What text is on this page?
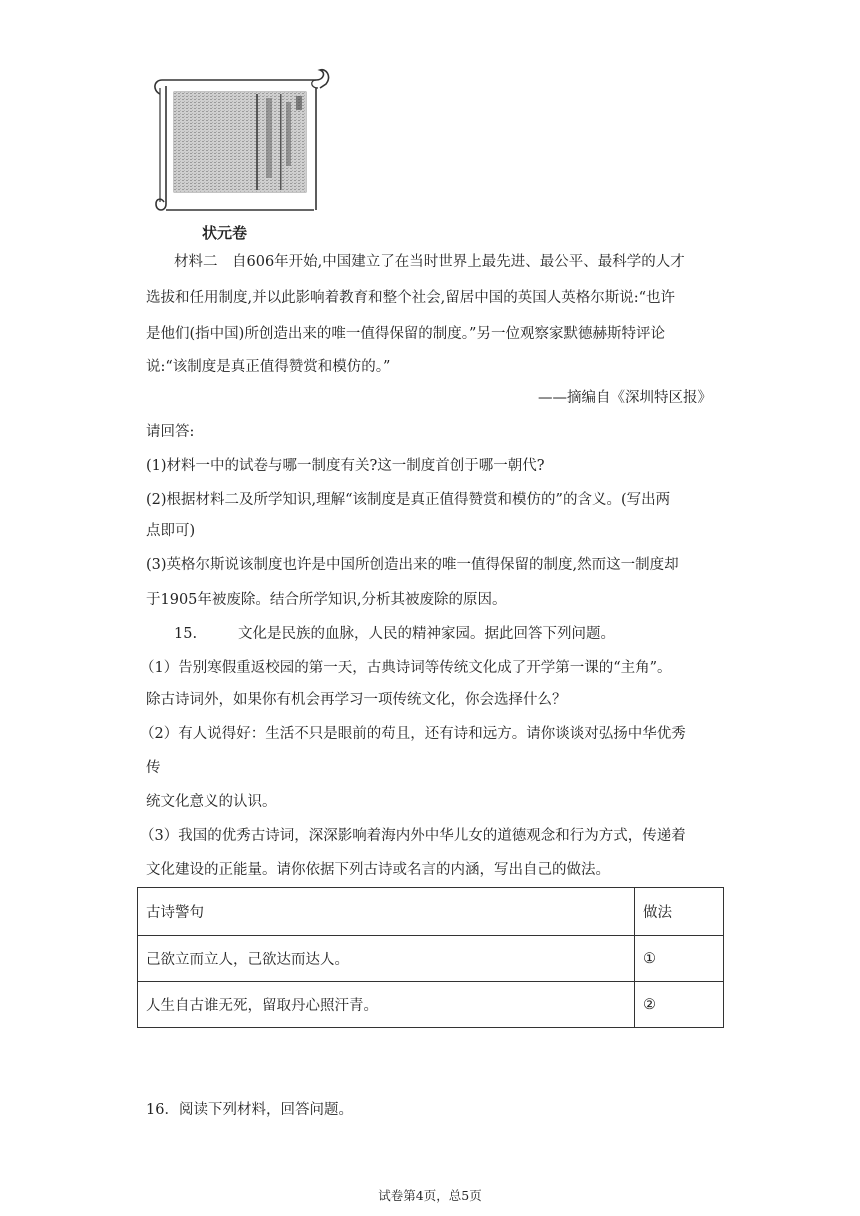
状元卷
材料二　自606年开始,中国建立了在当时世界上最先进、最公平、最科学的人才
选拔和任用制度,并以此影响着教育和整个社会,留居中国的英国人英格尔斯说:“也许
是他们(指中国)所创造出来的唯一值得保留的制度。”另一位观察家默德赫斯特评论
说:“该制度是真正值得赞赏和模仿的。”
——摘编自《深圳特区报》
请回答:
(1)材料一中的试卷与哪一制度有关?这一制度首创于哪一朝代?
(2)根据材料二及所学知识,理解“该制度是真正值得赞赏和模仿的”的含义。(写出两
点即可)
(3)英格尔斯说该制度也许是中国所创造出来的唯一值得保留的制度,然而这一制度却
于1905年被废除。结合所学知识,分析其被废除的原因。
15.	文化是民族的血脉，人民的精神家园。据此回答下列问题。
（1）告别寒假重返校园的第一天，古典诗词等传统文化成了开学第一课的“主角”。
除古诗词外，如果你有机会再学习一项传统文化，你会选择什么？
（2）有人说得好：生活不只是眼前的苟且，还有诗和远方。请你谈谈对弘扬中华优秀
传
统文化意义的认识。
（3）我国的优秀古诗词，深深影响着海内外中华儿女的道德观念和行为方式，传递着
文化建设的正能量。请你依据下列古诗或名言的内涵，写出自己的做法。
古诗警句	做法
己欲立而立人，己欲达而达人。	①
人生自古谁无死，留取丹心照汗青。	②
16．阅读下列材料，回答问题。
试卷第4页，总5页
